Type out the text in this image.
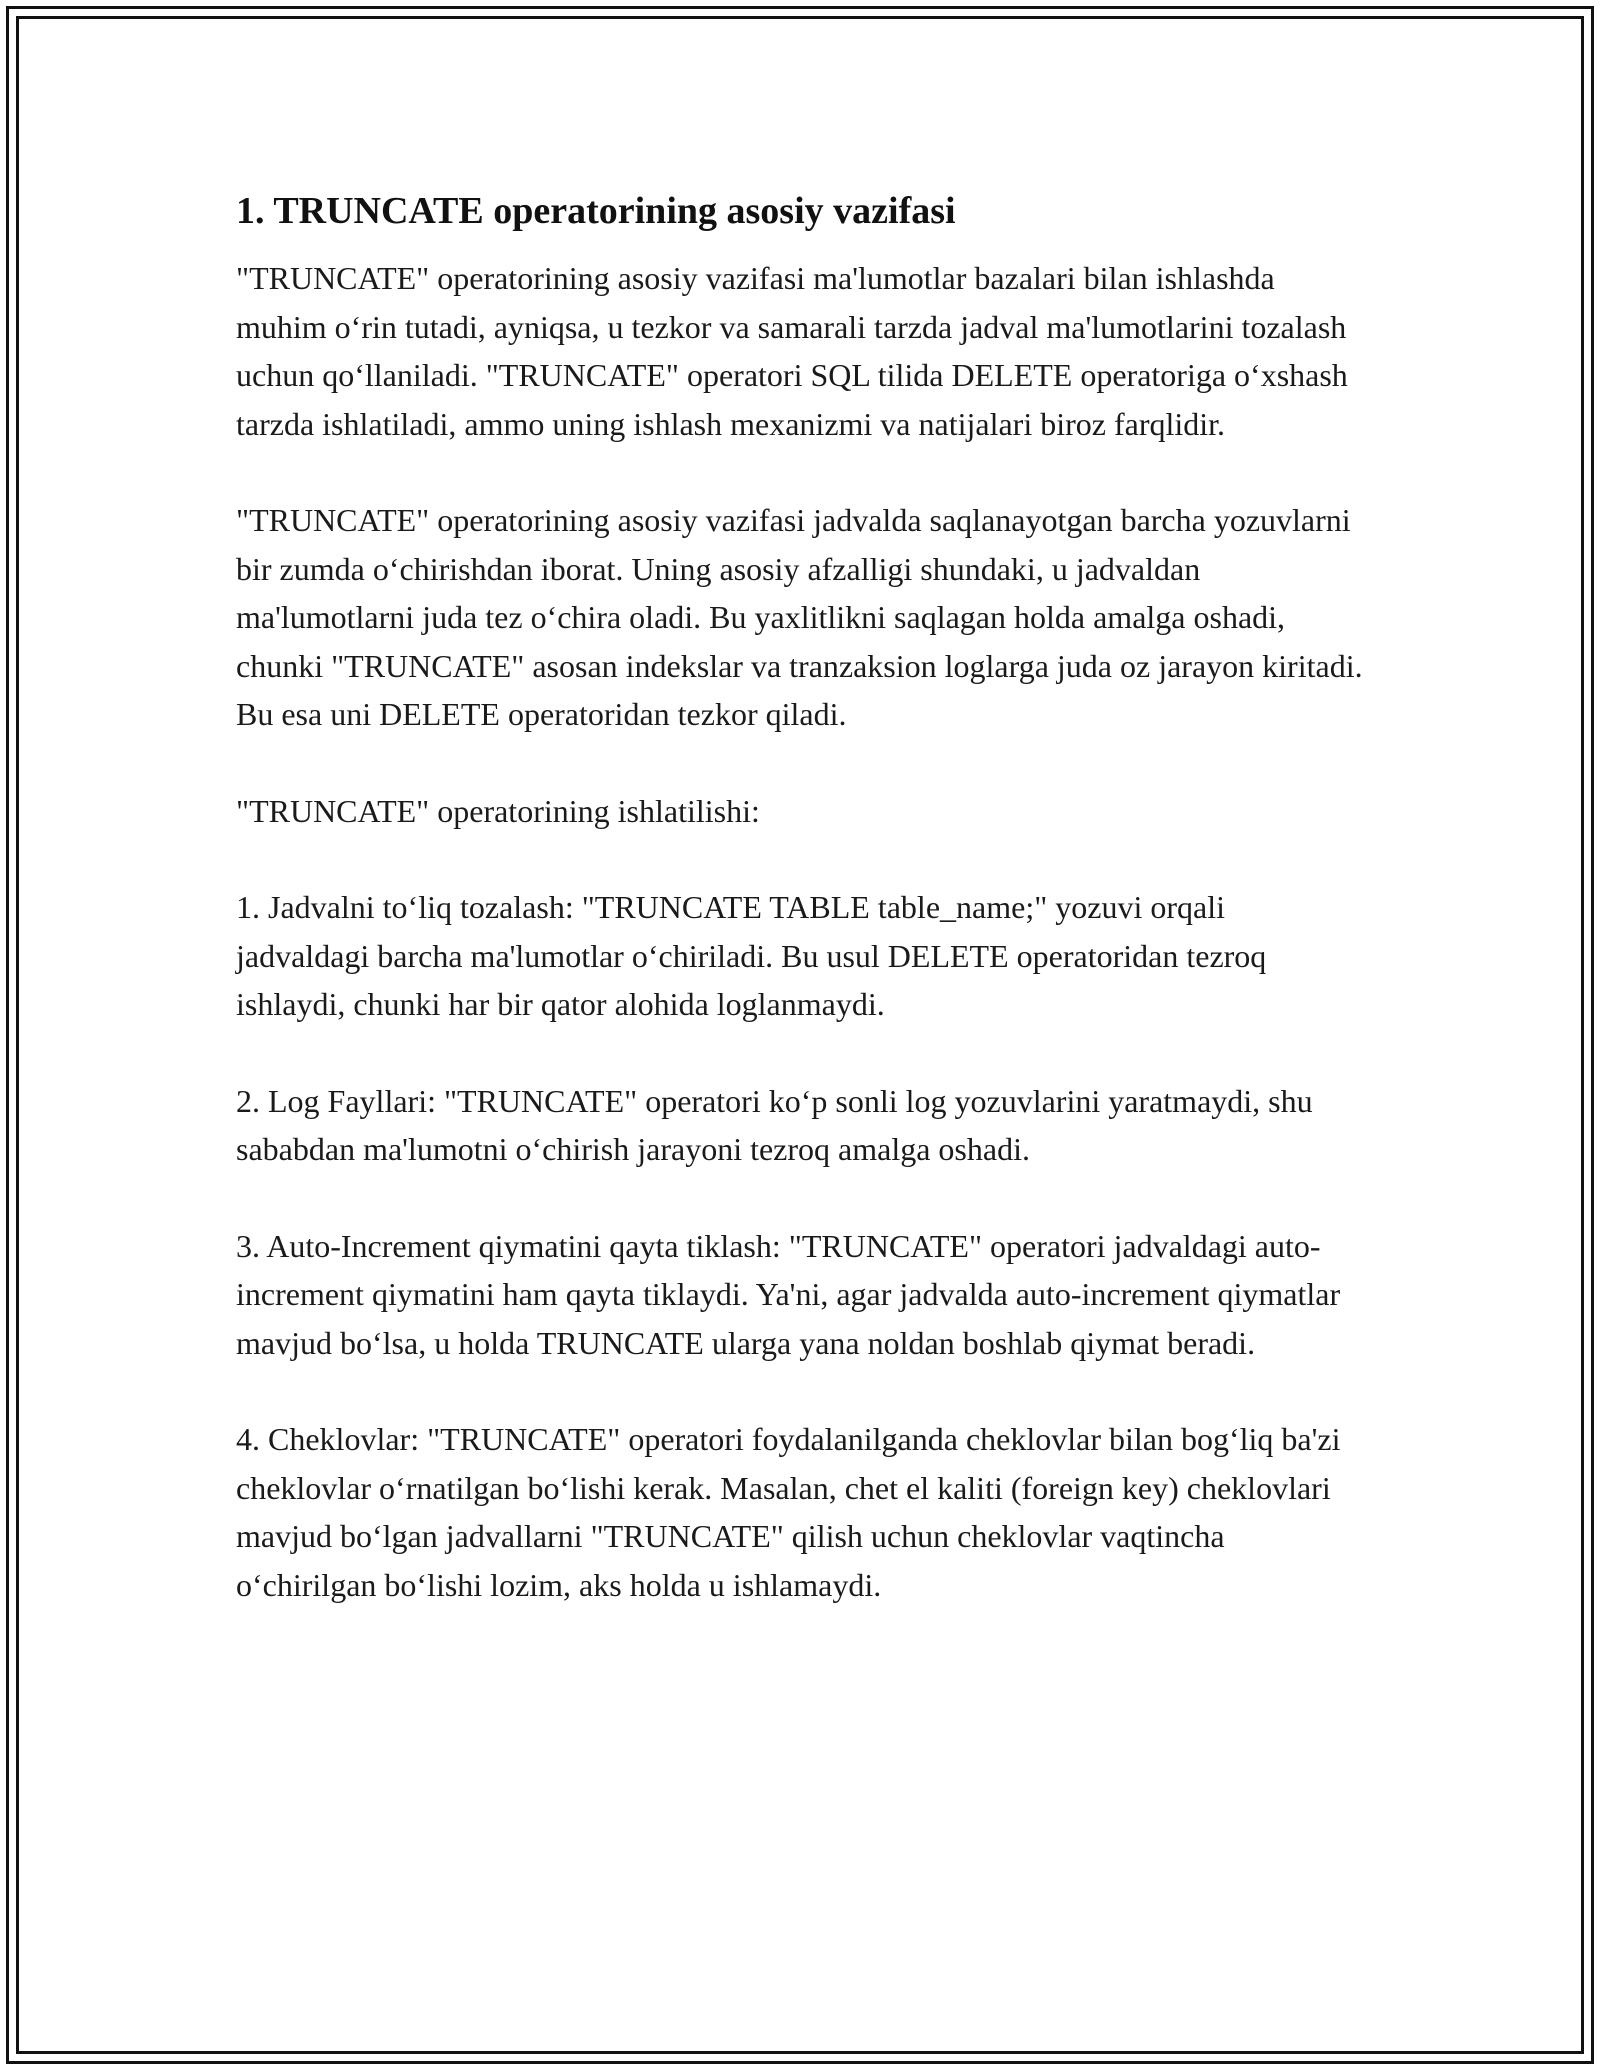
1. TRUNCATE operatorining asosiy vazifasi

"TRUNCATE" operatorining asosiy vazifasi ma'lumotlar bazalari bilan ishlashda muhim o‘rin tutadi, ayniqsa, u tezkor va samarali tarzda jadval ma'lumotlarini tozalash uchun qo‘llaniladi. "TRUNCATE" operatori SQL tilida DELETE operatoriga o‘xshash tarzda ishlatiladi, ammo uning ishlash mexanizmi va natijalari biroz farqlidir.

"TRUNCATE" operatorining asosiy vazifasi jadvalda saqlanayotgan barcha yozuvlarni bir zumda o‘chirishdan iborat. Uning asosiy afzalligi shundaki, u jadvaldan ma'lumotlarni juda tez o‘chira oladi. Bu yaxlitlikni saqlagan holda amalga oshadi, chunki "TRUNCATE" asosan indekslar va tranzaksion loglarga juda oz jarayon kiritadi. Bu esa uni DELETE operatoridan tezkor qiladi.

"TRUNCATE" operatorining ishlatilishi:

1. Jadvalni to‘liq tozalash: "TRUNCATE TABLE table_name;" yozuvi orqali jadvaldagi barcha ma'lumotlar o‘chiriladi. Bu usul DELETE operatoridan tezroq ishlaydi, chunki har bir qator alohida loglanmaydi.

2. Log Fayllari: "TRUNCATE" operatori ko‘p sonli log yozuvlarini yaratmaydi, shu sababdan ma'lumotni o‘chirish jarayoni tezroq amalga oshadi.

3. Auto-Increment qiymatini qayta tiklash: "TRUNCATE" operatori jadvaldagi auto-increment qiymatini ham qayta tiklaydi. Ya'ni, agar jadvalda auto-increment qiymatlar mavjud bo‘lsa, u holda TRUNCATE ularga yana noldan boshlab qiymat beradi.

4. Cheklovlar: "TRUNCATE" operatori foydalanilganda cheklovlar bilan bog‘liq ba'zi cheklovlar o‘rnatilgan bo‘lishi kerak. Masalan, chet el kaliti (foreign key) cheklovlari mavjud bo‘lgan jadvallarni "TRUNCATE" qilish uchun cheklovlar vaqtincha o‘chirilgan bo‘lishi lozim, aks holda u ishlamaydi.
